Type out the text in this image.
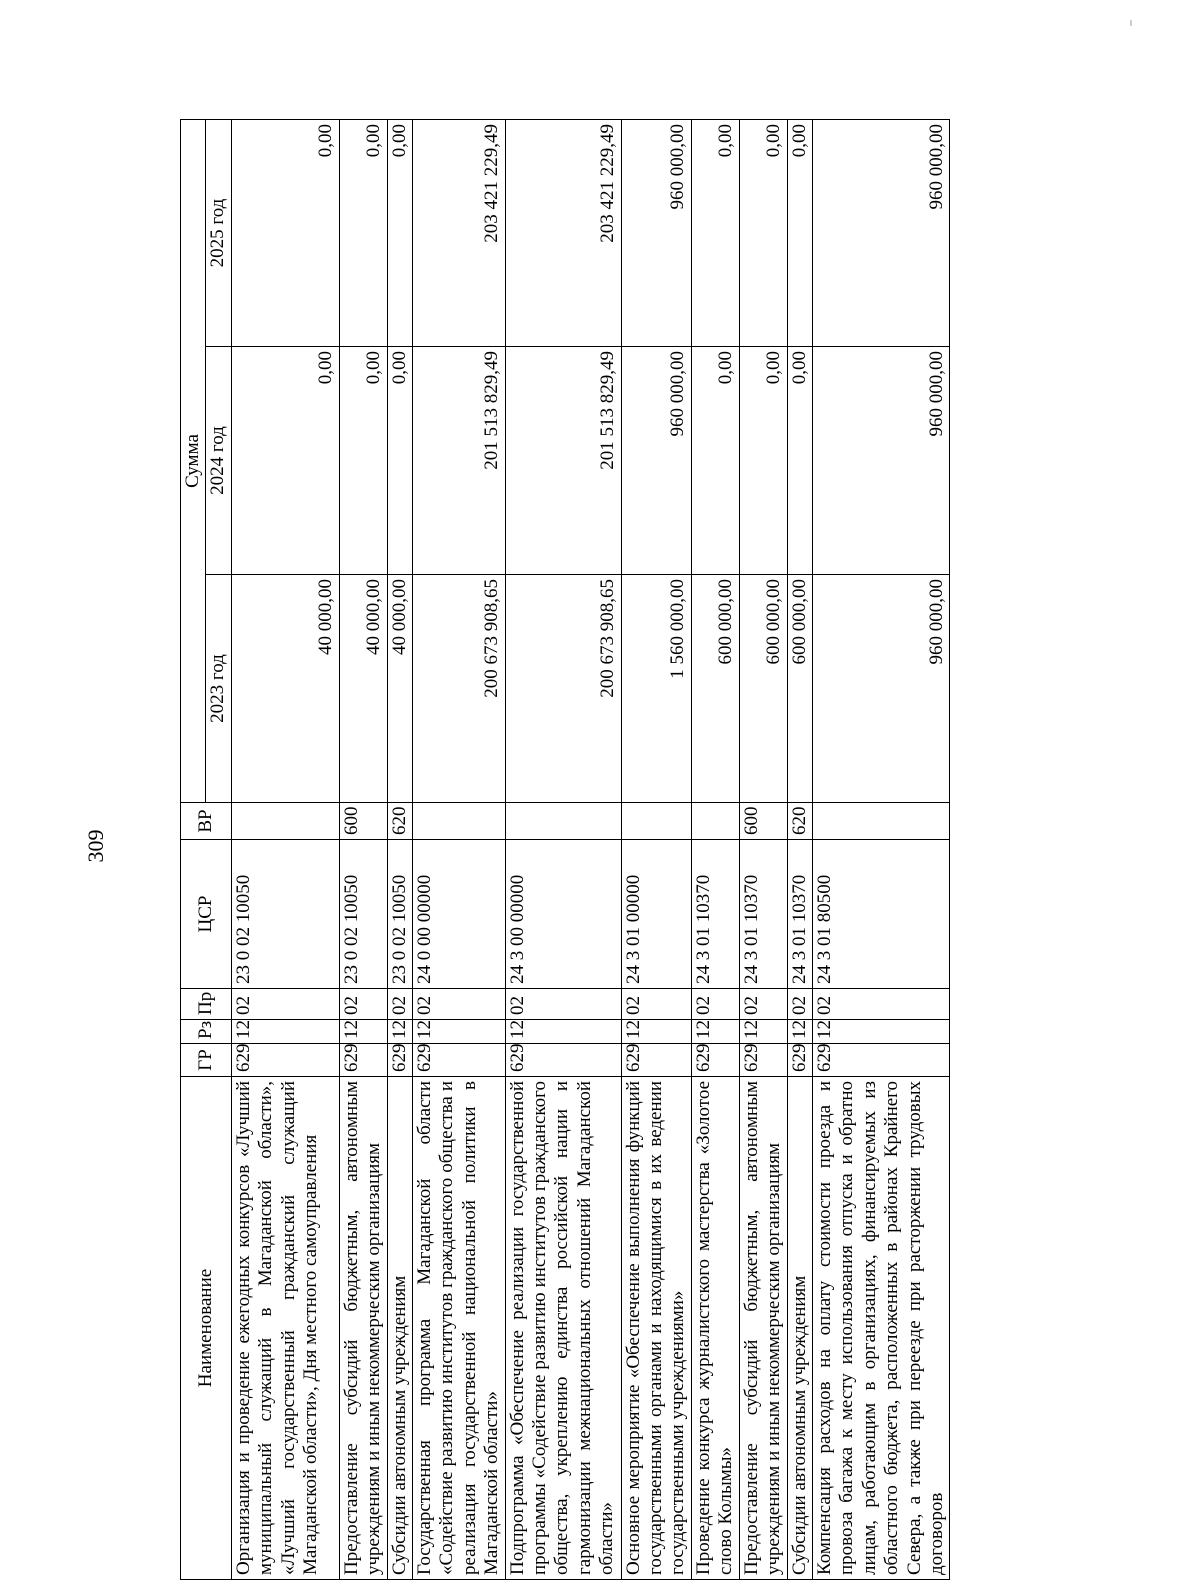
309
Наименование	ГР	Рз	Пр	ЦСР	ВР	Сумма		
						2023 год	2024 год	2025 год
Организация и проведение ежегодных конкурсов «Лучший муниципальный служащий в Магаданской области», «Лучший государственный гражданский служащий Магаданской области», Дня местного самоуправления	629	12	02	23 0 02 10050		40 000,00	0,00	0,00
Предоставление субсидий бюджетным, автономным учреждениям и иным некоммерческим организациям	629	12	02	23 0 02 10050	600	40 000,00	0,00	0,00
Субсидии автономным учреждениям	629	12	02	23 0 02 10050	620	40 000,00	0,00	0,00
Государственная программа Магаданской области «Содействие развитию институтов гражданского общества и реализация государственной национальной политики в Магаданской области»	629	12	02	24 0 00 00000		200 673 908,65	201 513 829,49	203 421 229,49
Подпрограмма «Обеспечение реализации государственной программы «Содействие развитию институтов гражданского общества, укреплению единства российской нации и гармонизации межнациональных отношений Магаданской области»	629	12	02	24 3 00 00000		200 673 908,65	201 513 829,49	203 421 229,49
Основное мероприятие «Обеспечение выполнения функций государственными органами и находящимися в их ведении государственными учреждениями»	629	12	02	24 3 01 00000		1 560 000,00	960 000,00	960 000,00
Проведение конкурса журналистского мастерства «Золотое слово Колымы»	629	12	02	24 3 01 10370		600 000,00	0,00	0,00
Предоставление субсидий бюджетным, автономным учреждениям и иным некоммерческим организациям	629	12	02	24 3 01 10370	600	600 000,00	0,00	0,00
Субсидии автономным учреждениям	629	12	02	24 3 01 10370	620	600 000,00	0,00	0,00
Компенсация расходов на оплату стоимости проезда и провоза багажа к месту использования отпуска и обратно лицам, работающим в организациях, финансируемых из областного бюджета, расположенных в районах Крайнего Севера, а также при переезде при расторжении трудовых договоров	629	12	02	24 3 01 80500		960 000,00	960 000,00	960 000,00
